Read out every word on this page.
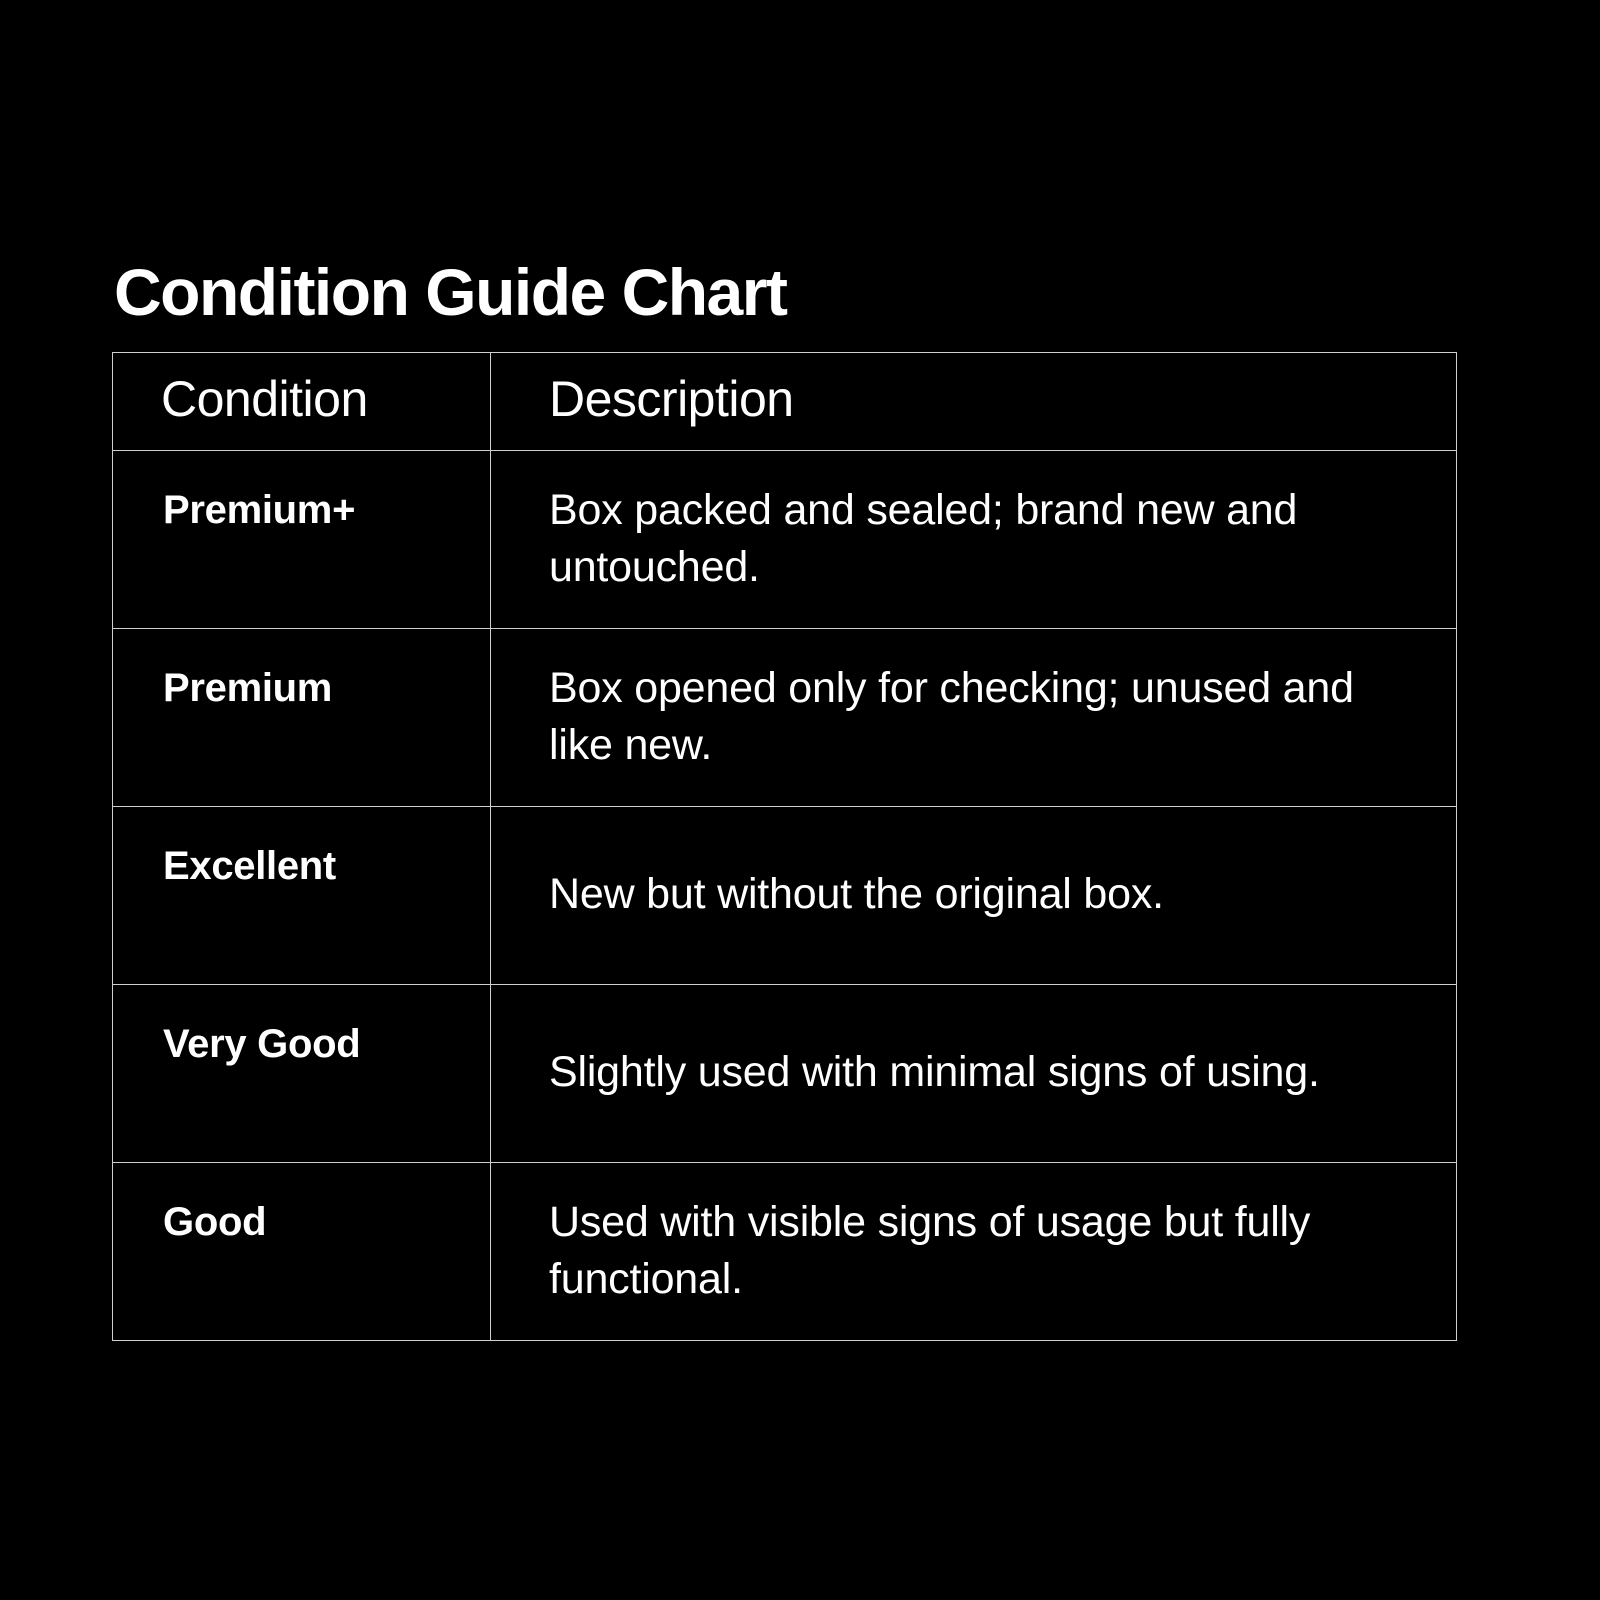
Condition Guide Chart
Condition	Description
Premium+	Box packed and sealed; brand new and untouched.
Premium	Box opened only for checking; unused and like new.
Excellent	New but without the original box.
Very Good	Slightly used with minimal signs of using.
Good	Used with visible signs of usage but fully functional.
